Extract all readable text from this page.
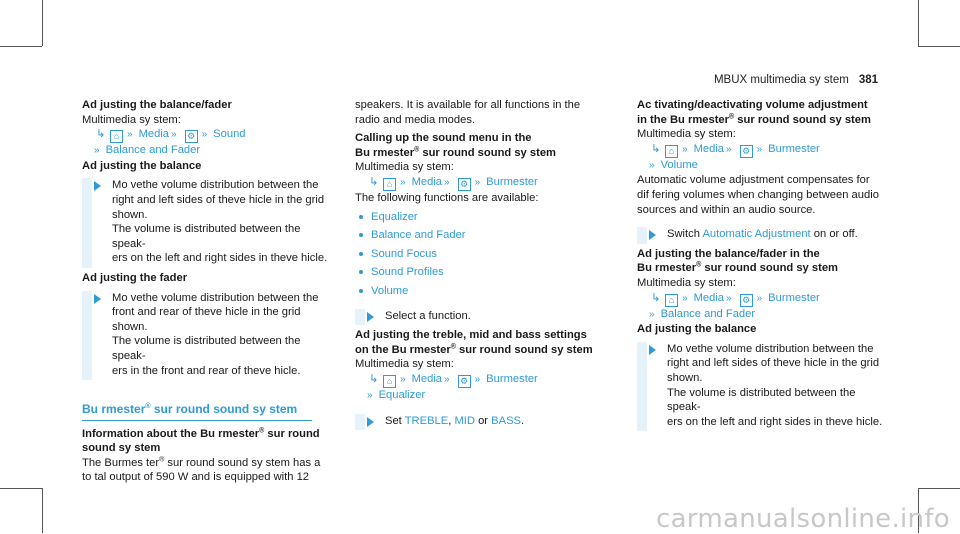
MBUX multimedia sy stem 381

Ad justing the balance/fader

Multimedia sy stem:

↳ ⌂ » Media » ⚙ » Sound

» Balance and Fader

Ad justing the balance

Mo vethe volume distribution between the
right and left sides of theve hicle in the grid
shown.
The volume is distributed between the speak‐
ers on the left and right sides in theve hicle.

Ad justing the fader

Mo vethe volume distribution between the
front and rear of theve hicle in the grid
shown.
The volume is distributed between the speak‐
ers in the front and rear of theve hicle.

Bu rmester® sur round sound sy stem

Information about the Bu rmester® sur round

sound sy stem

The Burmes ter® sur round sound sy stem has a

to tal output of 590 W and is equipped with 12

speakers. It is available for all functions in the

radio and media modes.

Calling up the sound menu in the

Bu rmester® sur round sound sy stem

Multimedia sy stem:

↳ ⌂ » Media » ⚙ » Burmester

The following functions are available:

Equalizer
Balance and Fader
Sound Focus
Sound Profiles
Volume
Select a function.

Ad justing the treble, mid and bass settings

on the Bu rmester® sur round sound sy stem

Multimedia sy stem:

↳ ⌂ » Media » ⚙ » Burmester

» Equalizer

Set TREBLE, MID or BASS.

Ac tivating/deactivating volume adjustment

in the Bu rmester® sur round sound sy stem

Multimedia sy stem:

↳ ⌂ » Media » ⚙ » Burmester

» Volume

Automatic volume adjustment compensates for

dif fering volumes when changing between audio

sources and within an audio source.

Switch Automatic Adjustment on or off.

Ad justing the balance/fader in the

Bu rmester® sur round sound sy stem

Multimedia sy stem:

↳ ⌂ » Media » ⚙ » Burmester

» Balance and Fader

Ad justing the balance

Mo vethe volume distribution between the
right and left sides of theve hicle in the grid
shown.
The volume is distributed between the speak‐
ers on the left and right sides in theve hicle.
carmanualsonline.info
